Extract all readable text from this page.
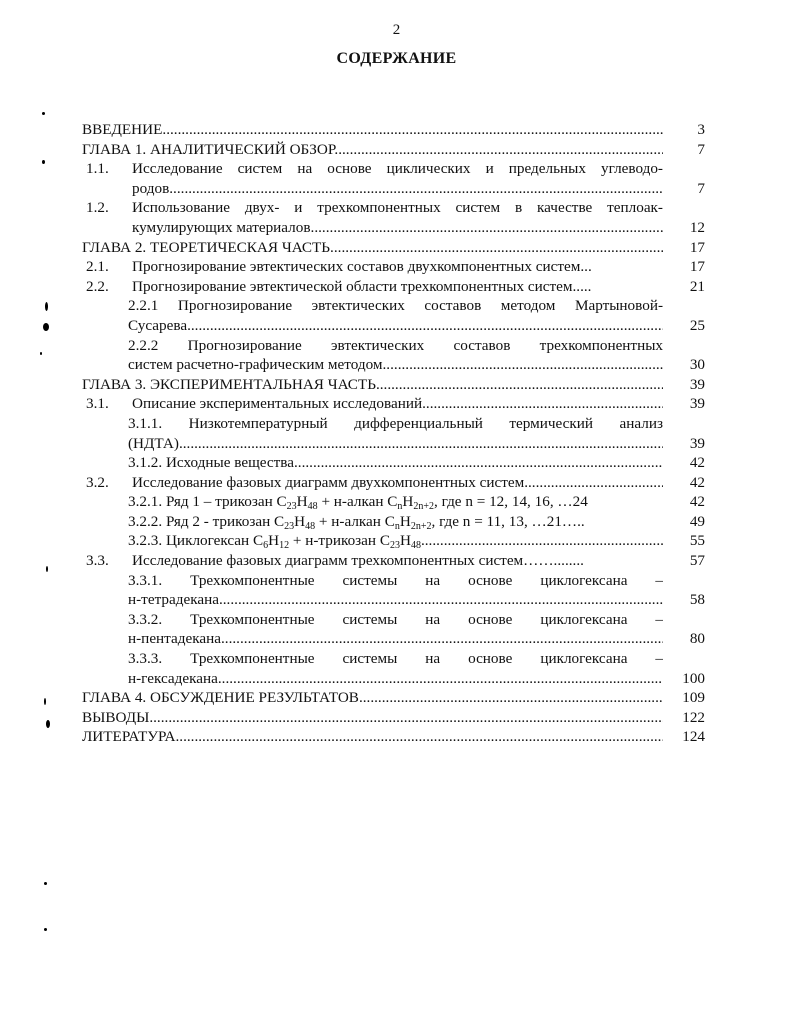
2
СОДЕРЖАНИЕ
ВВЕДЕНИЕ .....	3
ГЛАВА 1. АНАЛИТИЧЕСКИЙ ОБЗОР .....	7
1.1.	Исследование систем на основе циклических и предельных углеводо-
родов .....	7
1.2.	Использование двух- и трехкомпонентных систем в качестве теплоак-
кумулирующих материалов .....	12
ГЛАВА 2. ТЕОРЕТИЧЕСКАЯ ЧАСТЬ .....	17
2.1.	Прогнозирование эвтектических составов двухкомпонентных систем...	17
2.2.	Прогнозирование эвтектической области трехкомпонентных систем.....	21
2.2.1 Прогнозирование эвтектических составов методом Мартыновой-
Сусарева .....	25
2.2.2 Прогнозирование эвтектических составов трехкомпонентных
систем расчетно-графическим методом .....	30
ГЛАВА 3. ЭКСПЕРИМЕНТАЛЬНАЯ ЧАСТЬ .....	39
3.1.	Описание экспериментальных исследований .....	39
3.1.1. Низкотемпературный дифференциальный термический анализ
(НДТА) .....	39
3.1.2. Исходные вещества .....	42
3.2.	Исследование фазовых диаграмм двухкомпонентных систем .....	42
3.2.1. Ряд 1 – трикозан $C_{23}H_{48}$ + н-алкан $C_nH_{2n+2}$, где n = 12, 14, 16, …24	42
3.2.2. Ряд 2 - трикозан $C_{23}H_{48}$ + н-алкан $C_nH_{2n+2}$, где n = 11, 13, …21…..	49
3.2.3. Циклогексан $C_6H_{12}$ + н-трикозан $C_{23}H_{48}$ .....	55
3.3.	Исследование фазовых диаграмм трехкомпонентных систем……........	57
3.3.1. Трехкомпонентные системы на основе циклогексана –
н-тетрадекана .....	58
3.3.2. Трехкомпонентные системы на основе циклогексана –
н-пентадекана .....	80
3.3.3. Трехкомпонентные системы на основе циклогексана –
н-гексадекана .....	100
ГЛАВА 4. ОБСУЖДЕНИЕ РЕЗУЛЬТАТОВ .....	109
ВЫВОДЫ .....	122
ЛИТЕРАТУРА .....	124
